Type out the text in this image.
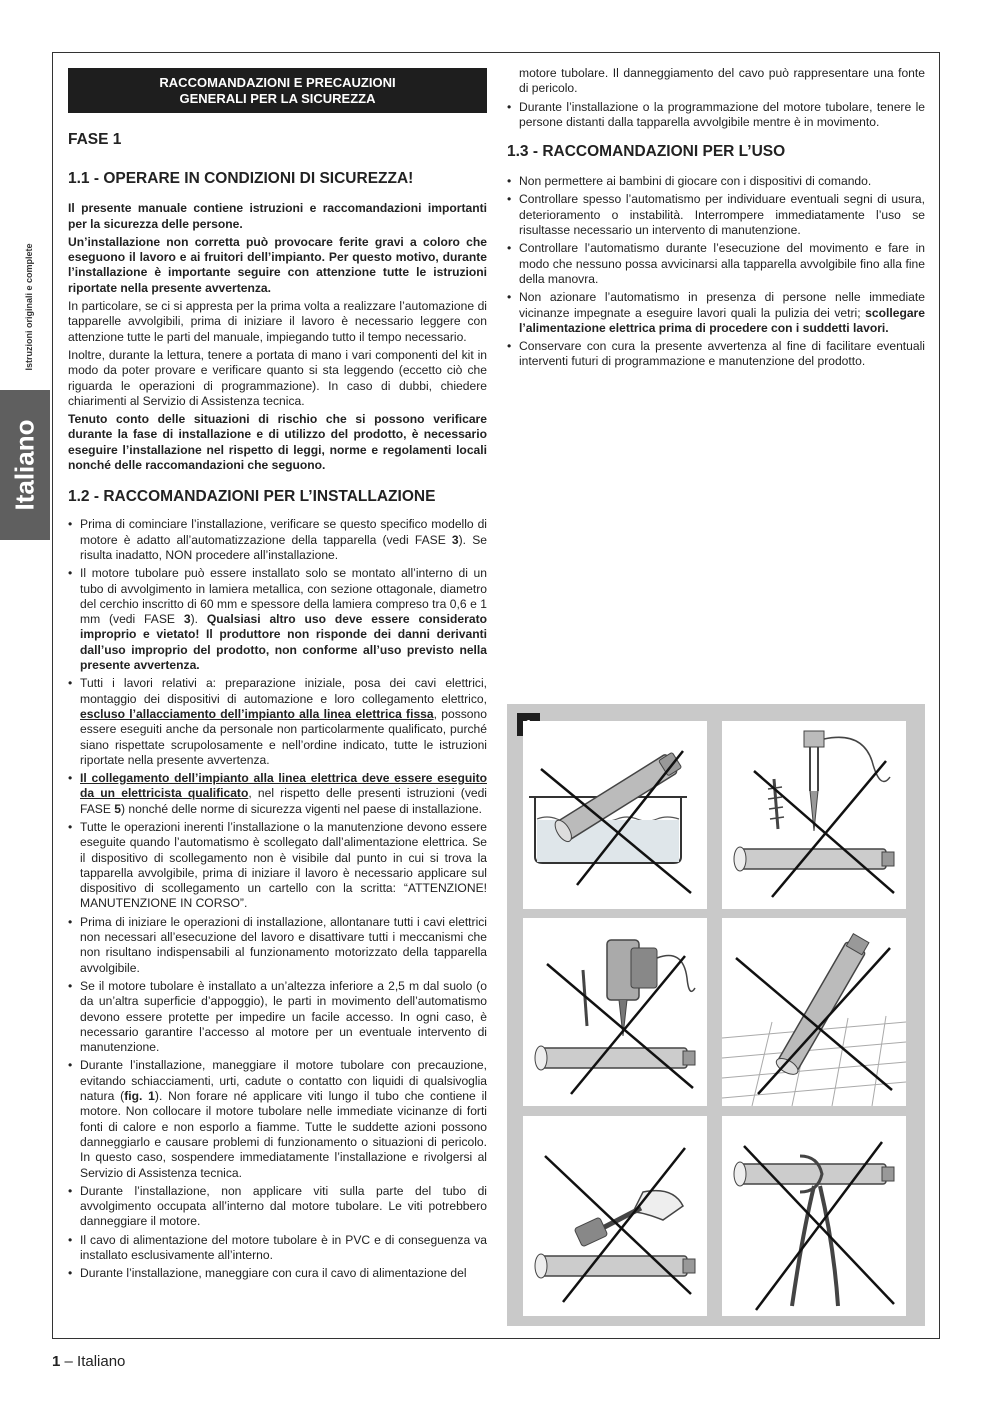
Istruzioni originali e complete
Italiano
RACCOMANDAZIONI E PRECAUZIONI
GENERALI PER LA SICUREZZA
FASE 1
1.1 - OPERARE IN CONDIZIONI DI SICUREZZA!

Il presente manuale contiene istruzioni e raccomandazioni importanti per la sicurezza delle persone.

Un’installazione non corretta può provocare ferite gravi a coloro che eseguono il lavoro e ai fruitori dell’impianto. Per questo motivo, durante l’installazione è importante seguire con attenzione tutte le istruzioni riportate nella presente avvertenza.

In particolare, se ci si appresta per la prima volta a realizzare l’automazione di tapparelle avvolgibili, prima di iniziare il lavoro è necessario leggere con attenzione tutte le parti del manuale, impiegando tutto il tempo necessario.

Inoltre, durante la lettura, tenere a portata di mano i vari componenti del kit in modo da poter provare e verificare quanto si sta leggendo (eccetto ciò che riguarda le operazioni di programmazione). In caso di dubbi, chiedere chiarimenti al Servizio di Assistenza tecnica.

Tenuto conto delle situazioni di rischio che si possono verificare durante la fase di installazione e di utilizzo del prodotto, è necessario eseguire l’installazione nel rispetto di leggi, norme e regolamenti locali nonché delle raccomandazioni che seguono.

1.2 - RACCOMANDAZIONI PER L’INSTALLAZIONE
• Prima di cominciare l’installazione, verificare se questo specifico modello di motore è adatto all’automatizzazione della tapparella (vedi FASE 3). Se risulta inadatto, NON procedere all’installazione.
• Il motore tubolare può essere installato solo se montato all’interno di un tubo di avvolgimento in lamiera metallica, con sezione ottagonale, diametro del cerchio inscritto di 60 mm e spessore della lamiera compreso tra 0,6 e 1 mm (vedi FASE 3). Qualsiasi altro uso deve essere considerato improprio e vietato! Il produttore non risponde dei danni derivanti dall’uso improprio del prodotto, non conforme all’uso previsto nella presente avvertenza.
• Tutti i lavori relativi a: preparazione iniziale, posa dei cavi elettrici, montaggio dei dispositivi di automazione e loro collegamento elettrico, escluso l’allacciamento dell’impianto alla linea elettrica fissa, possono essere eseguiti anche da personale non particolarmente qualificato, purché siano rispettate scrupolosamente e nell’ordine indicato, tutte le istruzioni riportate nella presente avvertenza.
• Il collegamento dell’impianto alla linea elettrica deve essere eseguito da un elettricista qualificato, nel rispetto delle presenti istruzioni (vedi FASE 5) nonché delle norme di sicurezza vigenti nel paese di installazione.
• Tutte le operazioni inerenti l’installazione o la manutenzione devono essere eseguite quando l’automatismo è scollegato dall’alimentazione elettrica. Se il dispositivo di scollegamento non è visibile dal punto in cui si trova la tapparella avvolgibile, prima di iniziare il lavoro è necessario applicare sul dispositivo di scollegamento un cartello con la scritta: “ATTENZIONE! MANUTENZIONE IN CORSO”.
• Prima di iniziare le operazioni di installazione, allontanare tutti i cavi elettrici non necessari all’esecuzione del lavoro e disattivare tutti i meccanismi che non risultano indispensabili al funzionamento motorizzato della tapparella avvolgibile.
• Se il motore tubolare è installato a un’altezza inferiore a 2,5 m dal suolo (o da un’altra superficie d’appoggio), le parti in movimento dell’automatismo devono essere protette per impedire un facile accesso. In ogni caso, è necessario garantire l’accesso al motore per un eventuale intervento di manutenzione.
• Durante l’installazione, maneggiare il motore tubolare con precauzione, evitando schiacciamenti, urti, cadute o contatto con liquidi di qualsivoglia natura (fig. 1). Non forare né applicare viti lungo il tubo che contiene il motore. Non collocare il motore tubolare nelle immediate vicinanze di forti fonti di calore e non esporlo a fiamme. Tutte le suddette azioni possono danneggiarlo e causare problemi di funzionamento o situazioni di pericolo. In questo caso, sospendere immediatamente l’installazione e rivolgersi al Servizio di Assistenza tecnica.
• Durante l’installazione, non applicare viti sulla parte del tubo di avvolgimento occupata all’interno dal motore tubolare. Le viti potrebbero danneggiare il motore.
• Il cavo di alimentazione del motore tubolare è in PVC e di conseguenza va installato esclusivamente all’interno.
• Durante l’installazione, maneggiare con cura il cavo di alimentazione del

motore tubolare. Il danneggiamento del cavo può rappresentare una fonte di pericolo.

• Durante l’installazione o la programmazione del motore tubolare, tenere le persone distanti dalla tapparella avvolgibile mentre è in movimento.
1.3 - RACCOMANDAZIONI PER L’USO
• Non permettere ai bambini di giocare con i dispositivi di comando.
• Controllare spesso l’automatismo per individuare eventuali segni di usura, deterioramento o instabilità. Interrompere immediatamente l’uso se risultasse necessario un intervento di manutenzione.
• Controllare l’automatismo durante l’esecuzione del movimento e fare in modo che nessuno possa avvicinarsi alla tapparella avvolgibile fino alla fine della manovra.
• Non azionare l’automatismo in presenza di persone nelle immediate vicinanze impegnate a eseguire lavori quali la pulizia dei vetri; scollegare l’alimentazione elettrica prima di procedere con i suddetti lavori.
• Conservare con cura la presente avvertenza al fine di facilitare eventuali interventi futuri di programmazione e manutenzione del prodotto.
1 – Italiano
